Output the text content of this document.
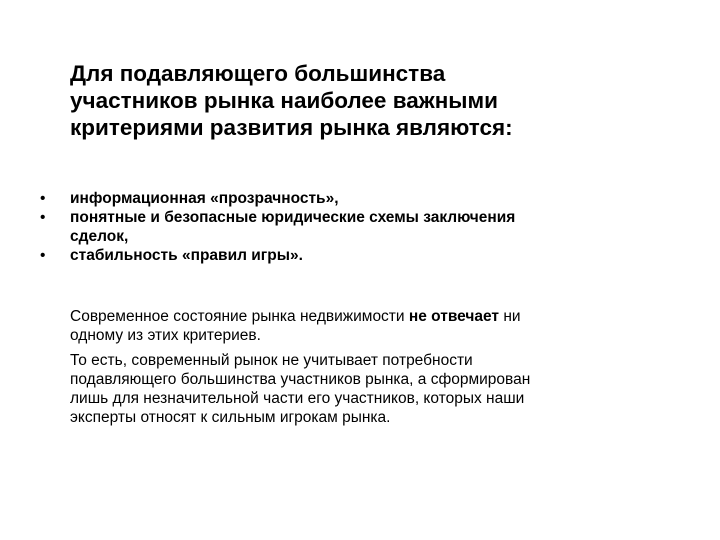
Для подавляющего большинства
участников рынка наиболее важными
критериями развития рынка являются:
• информационная «прозрачность»,
• понятные и безопасные юридические схемы заключения
сделок,
• стабильность «правил игры».
Современное состояние рынка недвижимости не отвечает ни
одному из этих критериев.
То есть, современный рынок не учитывает потребности
подавляющего большинства участников рынка, а сформирован
лишь для незначительной части его участников, которых наши
эксперты относят к сильным игрокам рынка.
